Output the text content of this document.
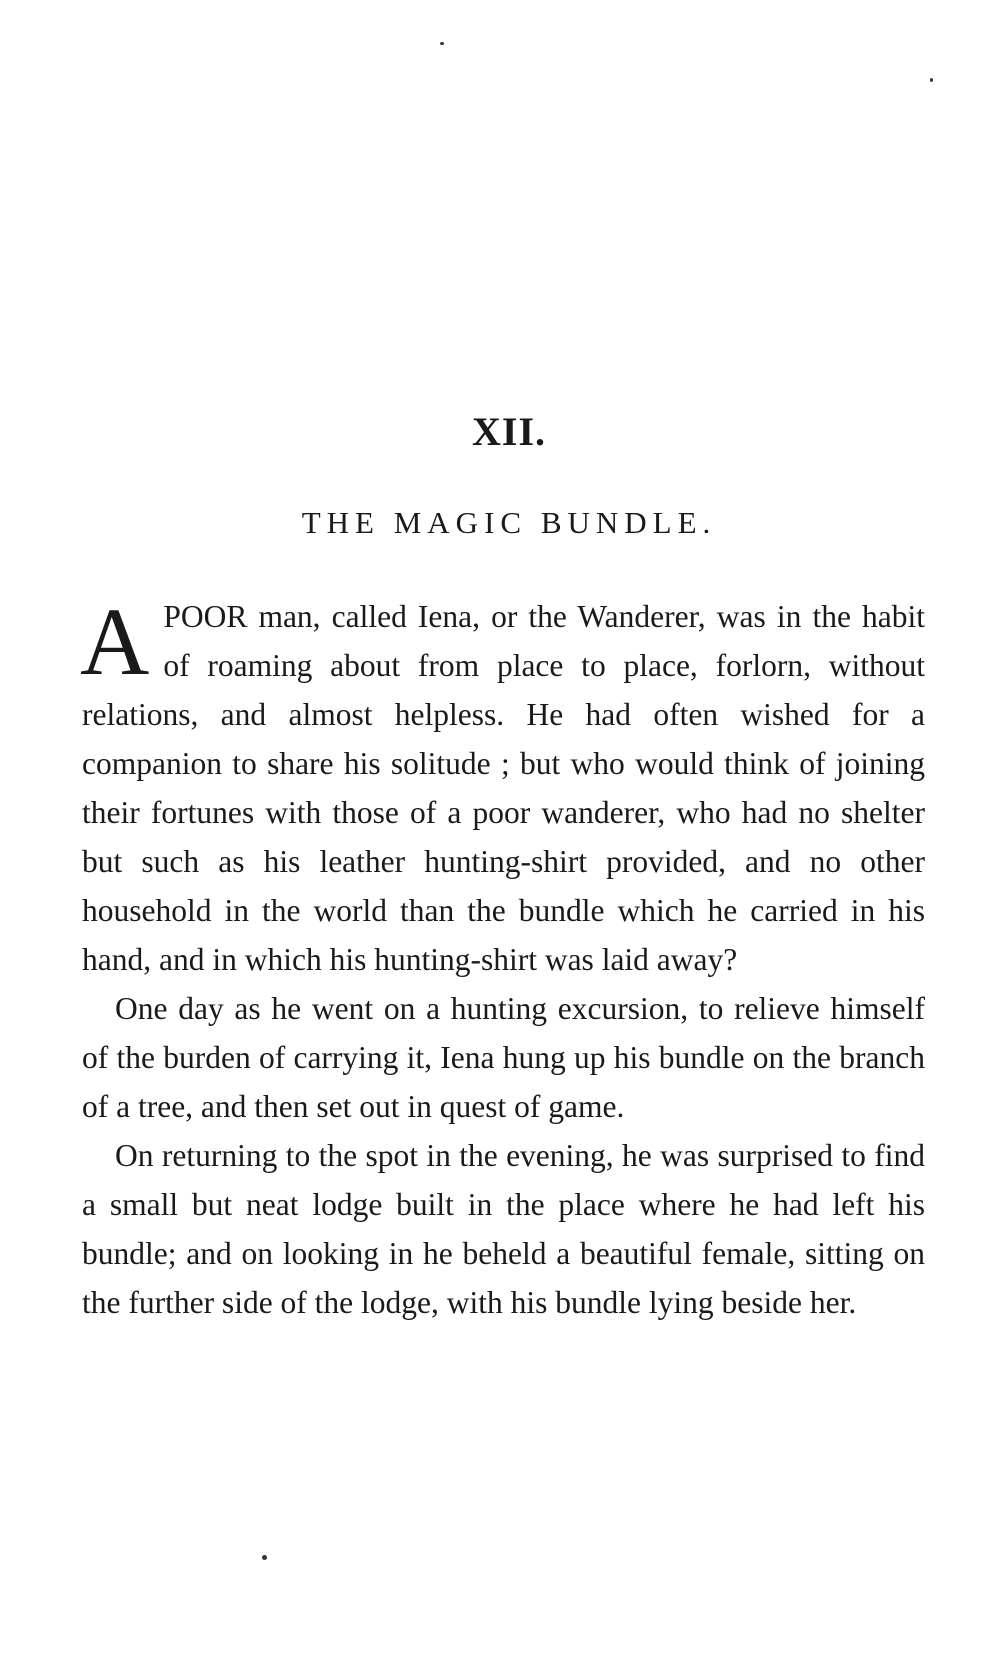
XII.
THE MAGIC BUNDLE.

APOOR man, called Iena, or the Wanderer, was in the habit of roaming about from place to place, forlorn, without relations, and almost helpless. He had often wished for a companion to share his solitude ; but who would think of joining their fortunes with those of a poor wanderer, who had no shelter but such as his leather hunting-shirt provided, and no other household in the world than the bundle which he carried in his hand, and in which his hunting-shirt was laid away?

One day as he went on a hunting excursion, to relieve himself of the burden of carrying it, Iena hung up his bundle on the branch of a tree, and then set out in quest of game.

On returning to the spot in the evening, he was surprised to find a small but neat lodge built in the place where he had left his bundle; and on looking in he beheld a beautiful female, sitting on the further side of the lodge, with his bundle lying beside her.
